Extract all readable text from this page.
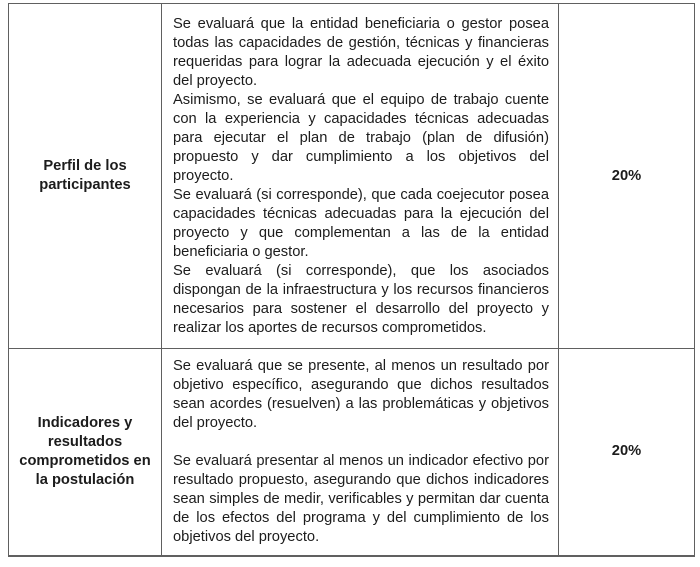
Perfil de los participantes	Se evaluará que la entidad beneficiaria o gestor posea todas las capacidades de gestión, técnicas y financieras requeridas para lograr la adecuada ejecución y el éxito del proyecto.

Asimismo, se evaluará que el equipo de trabajo cuente con la experiencia y capacidades técnicas adecuadas para ejecutar el plan de trabajo (plan de difusión) propuesto y dar cumplimiento a los objetivos del proyecto.

Se evaluará (si corresponde), que cada coejecutor posea capacidades técnicas adecuadas para la ejecución del proyecto y que complementan a las de la entidad beneficiaria o gestor.

Se evaluará (si corresponde), que los asociados dispongan de la infraestructura y los recursos financieros necesarios para sostener el desarrollo del proyecto y realizar los aportes de recursos comprometidos.	20%
Indicadores y resultados comprometidos en la postulación	Se evaluará que se presente, al menos un resultado por objetivo específico, asegurando que dichos resultados sean acordes (resuelven) a las problemáticas y objetivos del proyecto.

Se evaluará presentar al menos un indicador efectivo por resultado propuesto, asegurando que dichos indicadores sean simples de medir, verificables y permitan dar cuenta de los efectos del programa y del cumplimiento de los objetivos del proyecto.	20%
